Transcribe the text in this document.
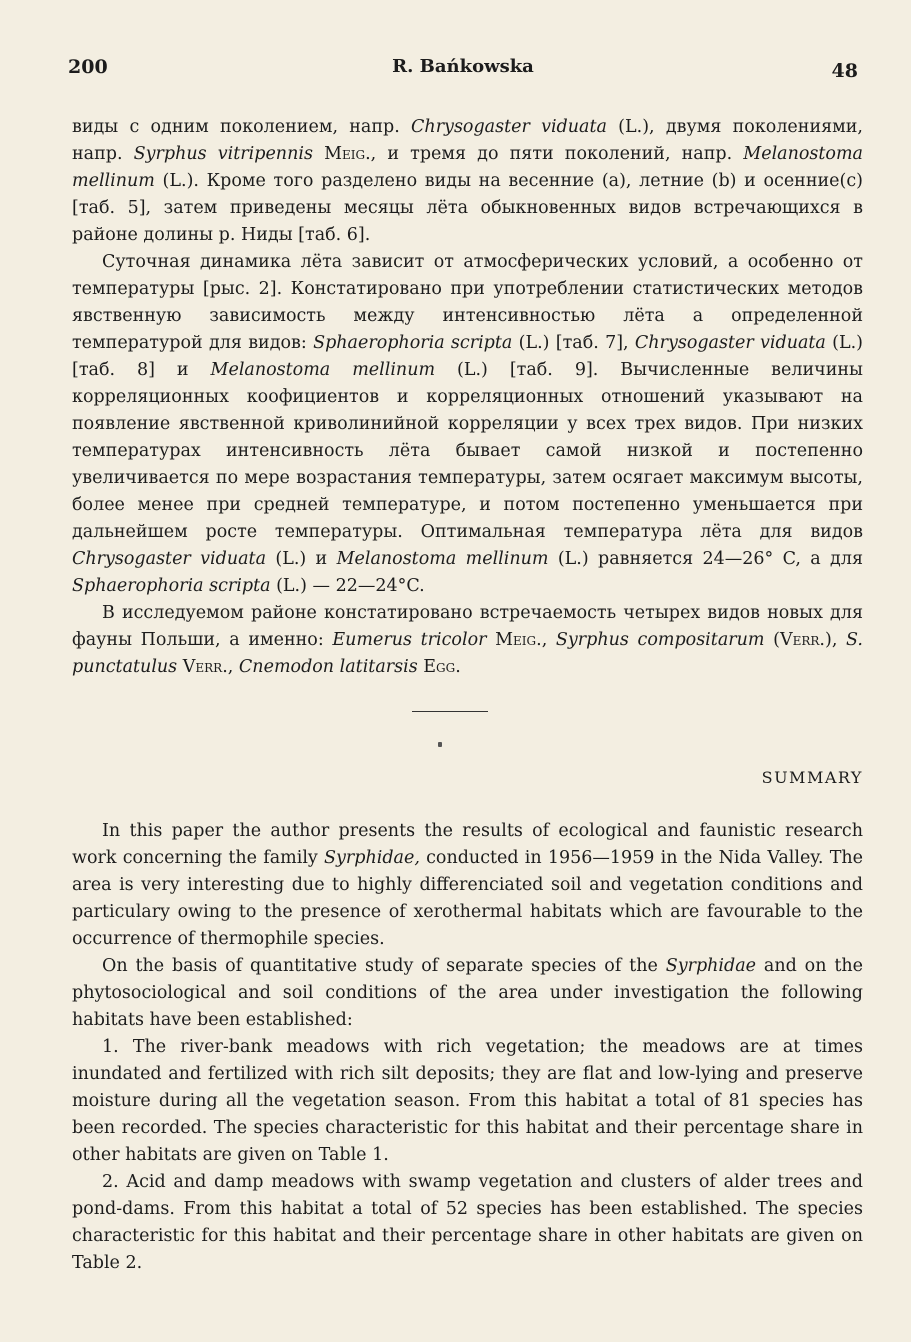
200	R. Bańkowska	48

виды с одним поколением, напр. Chrysogaster viduata (L.), двумя поколениями, напр. Syrphus vitripennis Meig., и тремя до пяти поколений, напр. Melanostoma mellinum (L.). Кроме того разделено виды на весенние (a), летние (b) и осенние(c) [таб. 5], затем приведены месяцы лёта обыкновенных видов встречающихся в районе долины р. Ниды [таб. 6].

Суточная динамика лёта зависит от атмосферических условий, а особенно от температуры [рыс. 2]. Констатировано при употреблении статистических методов явственную зависимость между интенсивностью лёта а определенной температурой для видов: Sphaerophoria scripta (L.) [таб. 7], Chrysogaster viduata (L.) [таб. 8] и Melanostoma mellinum (L.) [таб. 9]. Вычисленные величины корреляционных коофициентов и корреляционных отношений указывают на появление явственной криволинийной корреляции у всех трех видов. При низких температурах интенсивность лёта бывает самой низкой и постепенно увеличивается по мере возрастания температуры, затем осягает максимум высоты, более менее при средней температуре, и потом постепенно уменьшается при дальнейшем росте температуры. Оптимальная температура лёта для видов Chrysogaster viduata (L.) и Melanostoma mellinum (L.) равняется 24—26° C, а для Sphaerophoria scripta (L.) — 22—24°C.

В исследуемом районе констатировано встречаемость четырех видов новых для фауны Польши, а именно: Eumerus tricolor Meig., Syrphus compositarum (Verr.), S. punctatulus Verr., Cnemodon latitarsis Egg.

SUMMARY

In this paper the author presents the results of ecological and faunistic research work concerning the family Syrphidae, conducted in 1956—1959 in the Nida Valley. The area is very interesting due to highly differenciated soil and vegetation conditions and particulary owing to the presence of xerothermal habitats which are favourable to the occurrence of thermophile species.

On the basis of quantitative study of separate species of the Syrphidae and on the phytosociological and soil conditions of the area under investigation the following habitats have been established:

1. The river-bank meadows with rich vegetation; the meadows are at times inundated and fertilized with rich silt deposits; they are flat and low-lying and preserve moisture during all the vegetation season. From this habitat a total of 81 species has been recorded. The species characteristic for this habitat and their percentage share in other habitats are given on Table 1.

2. Acid and damp meadows with swamp vegetation and clusters of alder trees and pond-dams. From this habitat a total of 52 species has been established. The species characteristic for this habitat and their percentage share in other habitats are given on Table 2.
